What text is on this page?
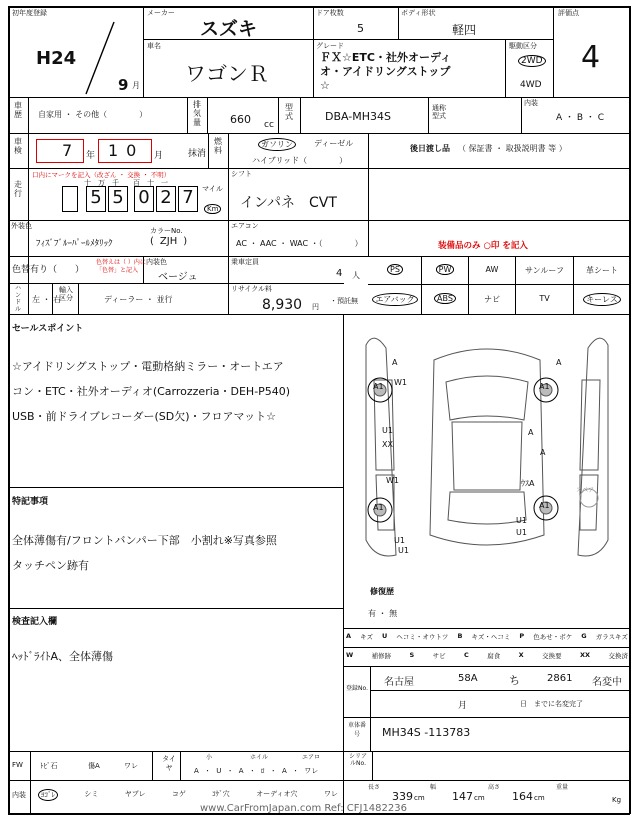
初年度登録
H24
9 月
メーカー
スズキ
ドア枚数
5
ボディ形状
軽四
評価点
4
車名
ワゴンＲ
グレード
ＦＸ☆ETC・社外オーディ
オ・アイドリングストップ
☆
駆動区分
2WD
4WD
車歴 自家用 ・ その他（　　　　）
排気量	660 cc
型式	DBA-MH34S
通称型式
内装
A ・ B ・ C
車検	7 年 10 月	抹消
燃料
ガソリン	ディーゼル
ハイブリッド（　　　　）
後日渡し品 （ 保証書 ・ 取扱説明書 等 ）
走行
口内にマークを記入（改ざん ・ 交換 ・ 不明）
十　万　千　　百　十　一
5 5 0 2 7	マイル
Km
シフト
インパネ　CVT
外装色
ﾌｨｽﾞﾌﾞﾙｰﾊﾟｰﾙﾒﾀﾘｯｸ
カラーNo.
( ZJH )
エアコン
AC ・ AAC ・ WAC ・（　　　　）	装備品のみ ○印 を記入
色替有り（　　）
色替えは（ ）内に
「色替」と記入
内装色
ベージュ
乗車定員
4 人
PS	PW	AW	サンルーフ	革シート
エアバッグ	ABS	ナビ	TV	キーレス
ハンドル
左 ・ 右
輸入区分	ディーラー ・ 並行
リサイクル料
8,930 円
・預託無
セールスポイント
☆アイドリングストップ・電動格納ミラー・オートエア
コン・ETC・社外オーディオ(Carrozzeria・DEH-P540)
USB・前ドライブレコーダー(SD欠)・フロアマット☆
特記事項
全体薄傷有/フロントバンパー下部　小割れ※写真参照
タッチペン跡有
検査記入欄
ﾍｯﾄﾞﾗｲﾄA、全体薄傷
A
A1 W1	A1
A
U1
XX
A
A
W1
A1
ｳｽA
A1
U1
U1
U1
U1
スペア
修復歴
有 ・ 無
A キズ U ヘコミ・オウトツ B キズ・ヘコミ P 色あせ・ボケ G ガラスキズ
W	補修跡	S	サビ	C	腐食	X	交換要	XX	交換済
登録No.
名古屋	58A	ち	2861 名変中
月	日　までに名変完了
車体番号	MH34S -113783
FW ﾄﾋﾞ石	傷A	ワレ
タイヤ
小	ホイル	エアロ
A ・ U ・ A ・ ﾛ ・ A ・ ワレ
シリアルNo.
内装	ﾖｺﾞﾚ	シミ	ヤブレ	コゲ	ｺｹﾞ穴	オーディオ穴	ワレ
長さ
339 cm
幅
147 cm
高さ
164 cm
重量
Kg
www.CarFromJapan.com Ref: CFJ1482236
